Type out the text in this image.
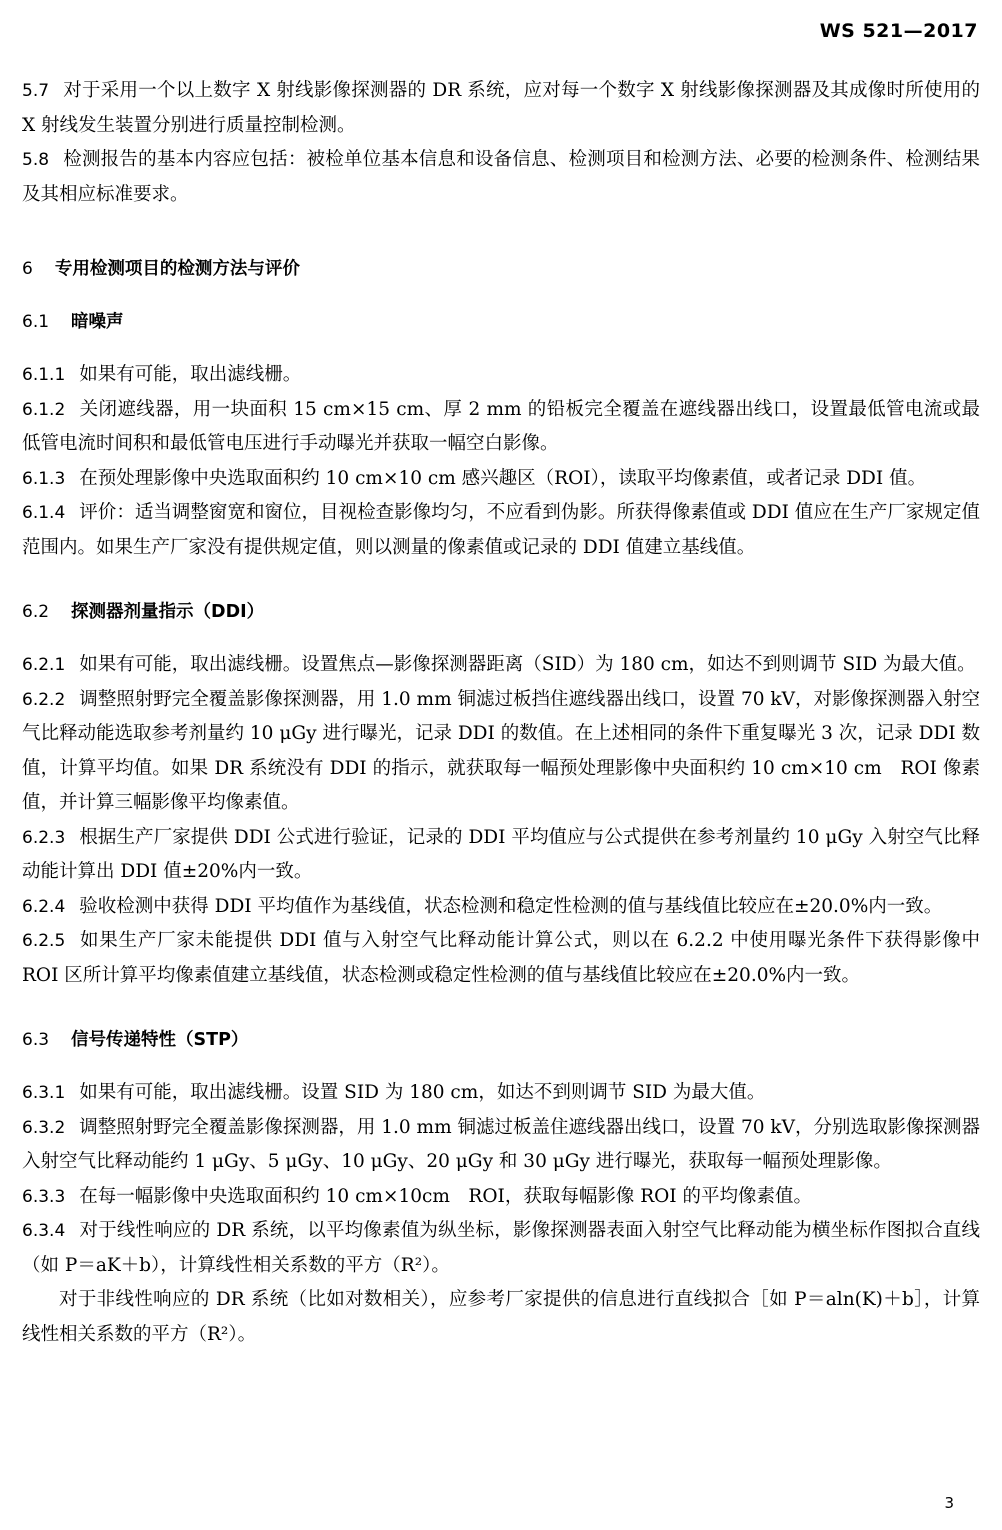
WS 521—2017

5.7 对于采用一个以上数字 X 射线影像探测器的 DR 系统，应对每一个数字 X 射线影像探测器及其成像时所使用的 X 射线发生装置分别进行质量控制检测。

5.8 检测报告的基本内容应包括：被检单位基本信息和设备信息、检测项目和检测方法、必要的检测条件、检测结果及其相应标准要求。

6 专用检测项目的检测方法与评价

6.1 暗噪声

6.1.1 如果有可能，取出滤线栅。

6.1.2 关闭遮线器，用一块面积 15 cm×15 cm、厚 2 mm 的铅板完全覆盖在遮线器出线口，设置最低管电流或最低管电流时间积和最低管电压进行手动曝光并获取一幅空白影像。

6.1.3 在预处理影像中央选取面积约 10 cm×10 cm 感兴趣区（ROI），读取平均像素值，或者记录 DDI 值。

6.1.4 评价：适当调整窗宽和窗位，目视检查影像均匀，不应看到伪影。所获得像素值或 DDI 值应在生产厂家规定值范围内。如果生产厂家没有提供规定值，则以测量的像素值或记录的 DDI 值建立基线值。

6.2 探测器剂量指示（DDI）

6.2.1 如果有可能，取出滤线栅。设置焦点—影像探测器距离（SID）为 180 cm，如达不到则调节 SID 为最大值。

6.2.2 调整照射野完全覆盖影像探测器，用 1.0 mm 铜滤过板挡住遮线器出线口，设置 70 kV，对影像探测器入射空气比释动能选取参考剂量约 10 μGy 进行曝光，记录 DDI 的数值。在上述相同的条件下重复曝光 3 次，记录 DDI 数值，计算平均值。如果 DR 系统没有 DDI 的指示，就获取每一幅预处理影像中央面积约 10 cm×10 cm　ROI 像素值，并计算三幅影像平均像素值。

6.2.3 根据生产厂家提供 DDI 公式进行验证，记录的 DDI 平均值应与公式提供在参考剂量约 10 μGy 入射空气比释动能计算出 DDI 值±20%内一致。

6.2.4 验收检测中获得 DDI 平均值作为基线值，状态检测和稳定性检测的值与基线值比较应在±20.0%内一致。

6.2.5 如果生产厂家未能提供 DDI 值与入射空气比释动能计算公式，则以在 6.2.2 中使用曝光条件下获得影像中 ROI 区所计算平均像素值建立基线值，状态检测或稳定性检测的值与基线值比较应在±20.0%内一致。

6.3 信号传递特性（STP）

6.3.1 如果有可能，取出滤线栅。设置 SID 为 180 cm，如达不到则调节 SID 为最大值。

6.3.2 调整照射野完全覆盖影像探测器，用 1.0 mm 铜滤过板盖住遮线器出线口，设置 70 kV，分别选取影像探测器入射空气比释动能约 1 μGy、5 μGy、10 μGy、20 μGy 和 30 μGy 进行曝光，获取每一幅预处理影像。

6.3.3 在每一幅影像中央选取面积约 10 cm×10cm　ROI，获取每幅影像 ROI 的平均像素值。

6.3.4 对于线性响应的 DR 系统，以平均像素值为纵坐标，影像探测器表面入射空气比释动能为横坐标作图拟合直线（如 P＝aK＋b），计算线性相关系数的平方（R²）。

对于非线性响应的 DR 系统（比如对数相关），应参考厂家提供的信息进行直线拟合［如 P＝aln(K)＋b］，计算线性相关系数的平方（R²）。

3
